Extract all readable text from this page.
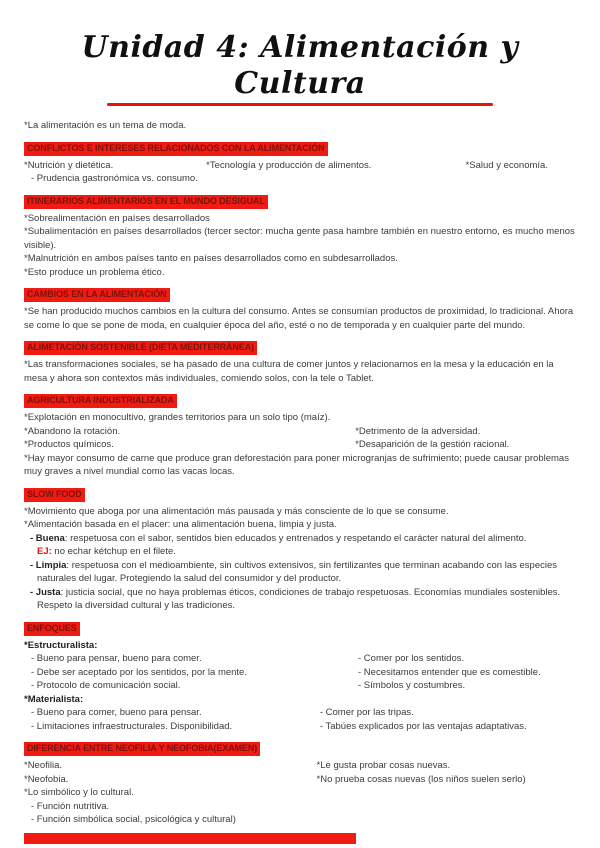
Unidad 4: Alimentación y Cultura
*La alimentación es un tema de moda.
CONFLICTOS E INTERESES RELACIONADOS CON LA ALIMENTACIÓN
*Nutrición y dietética.	*Tecnología y producción de alimentos.	*Salud y economía.
- Prudencia gastronómica vs. consumo.
ITINERARIOS ALIMENTARIOS EN EL MUNDO DESIGUAL
*Sobrealimentación en países desarrollados
*Subalimentación en países desarrollados (tercer sector: mucha gente pasa hambre también en nuestro entorno, es mucho menos visible).
*Malnutrición en ambos países tanto en países desarrollados como en subdesarrollados.
*Esto produce un problema ético.
CAMBIOS EN LA ALIMENTACIÓN
*Se han producido muchos cambios en la cultura del consumo. Antes se consumían productos de proximidad, lo tradicional. Ahora se come lo que se pone de moda, en cualquier época del año, esté o no de temporada y en cualquier parte del mundo.
ALIMETACIÓN SOSTENIBLE (DIETA MEDITERRÁNEA)
*Las transformaciones sociales, se ha pasado de una cultura de comer juntos y relacionarnos en la mesa y la educación en la mesa y ahora son contextos más individuales, comiendo solos, con la tele o Tablet.
AGRICULTURA INDUSTRIALIZADA
*Explotación en monocultivo, grandes territorios para un solo tipo (maíz).
*Abandono la rotación.	*Detrimento de la adversidad.
*Productos químicos.	*Desaparición de la gestión racional.
*Hay mayor consumo de carne que produce gran deforestación para poner microgranjas de sufrimiento; puede causar problemas muy graves a nivel mundial como las vacas locas.
SLOW FOOD
*Movimiento que aboga por una alimentación más pausada y más consciente de lo que se consume.
*Alimentación basada en el placer: una alimentación buena, limpia y justa.
- Buena: respetuosa con el sabor, sentidos bien educados y entrenados y respetando el carácter natural del alimento.
EJ: no echar kétchup en el filete.
- Limpia: respetuosa con el medioambiente, sin cultivos extensivos, sin fertilizantes que terminan acabando con las especies naturales del lugar. Protegiendo la salud del consumidor y del productor.
- Justa: justicia social, que no haya problemas éticos, condiciones de trabajo respetuosas. Economías mundiales sostenibles. Respeto la diversidad cultural y las tradiciones.
ENFOQUES
*Estructuralista:
- Bueno para pensar, bueno para comer.	- Comer por los sentidos.
- Debe ser aceptado por los sentidos, por la mente.	- Necesitamos entender que es comestible.
- Protocolo de comunicación social.	- Símbolos y costumbres.
*Materialista:
- Bueno para comer, bueno para pensar.	- Comer por las tripas.
- Limitaciones infraestructurales. Disponibilidad.	- Tabúes explicados por las ventajas adaptativas.
DIFERENCIA ENTRE NEOFILIA Y NEOFOBIA(EXAMEN)
*Neofilia.	*Le gusta probar cosas nuevas.
*Neofobia.	*No prueba cosas nuevas (los niños suelen serlo)
*Lo simbólico y lo cultural.
- Función nutritiva.
- Función simbólica social, psicológica y cultural)
